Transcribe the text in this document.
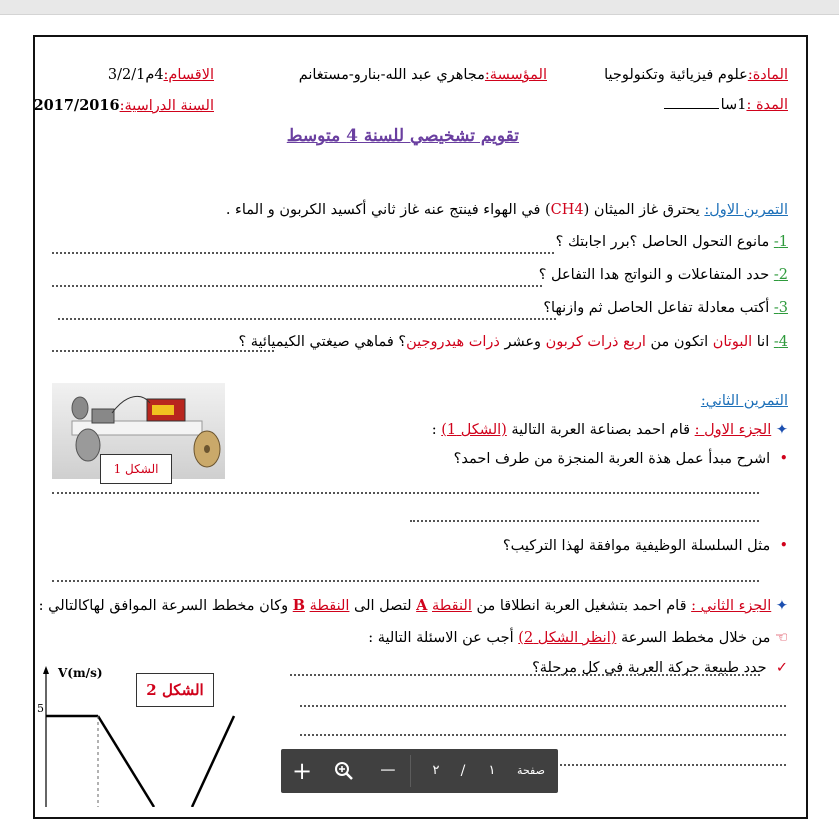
المادة:علوم فيزيائية وتكنولوجيا
المؤسسة:مجاهري عبد الله-بنارو-مستغانم
الاقسام:4م3/2/1
المدة :1سا
السنة الدراسية:2017/2016
تقويم تشخيصي للسنة 4 متوسط
التمرين الاول: يحترق غاز الميثان (CH4) في الهواء فينتج عنه غاز ثاني أكسيد الكربون و الماء .
1- مانوع التحول الحاصل ؟برر اجابتك ؟
2- حدد المتفاعلات و النواتج هدا التفاعل ؟
3- أكتب معادلة تفاعل الحاصل ثم وازنها؟
4- انا البوتان اتكون من اربع ذرات كربون وعشر ذرات هيدروجين؟ فماهي صيغتي الكيميائية ؟
الشكل 1
التمرين الثاني:
✦ الجزء الاول : قام احمد بصناعة العربة التالية (الشكل 1) :
•  اشرح مبدأ عمل هذة العربة المنجزة من طرف احمد؟
•  مثل السلسلة الوظيفية موافقة لهذا التركيب؟
✦ الجزء الثاني : قام احمد بتشغيل العربة انطلاقا من النقطة A لتصل الى النقطة B وكان مخطط السرعة الموافق لهاكالتالي :
☜ من خلال مخطط السرعة (انظر الشكل 2) أجب عن الاسئلة التالية :
✓  حدد طبيعة حركة العربة في كل مرحلة؟
V(m/s)
5
الشكل 2
+	−	٢ / ١	صفحة
